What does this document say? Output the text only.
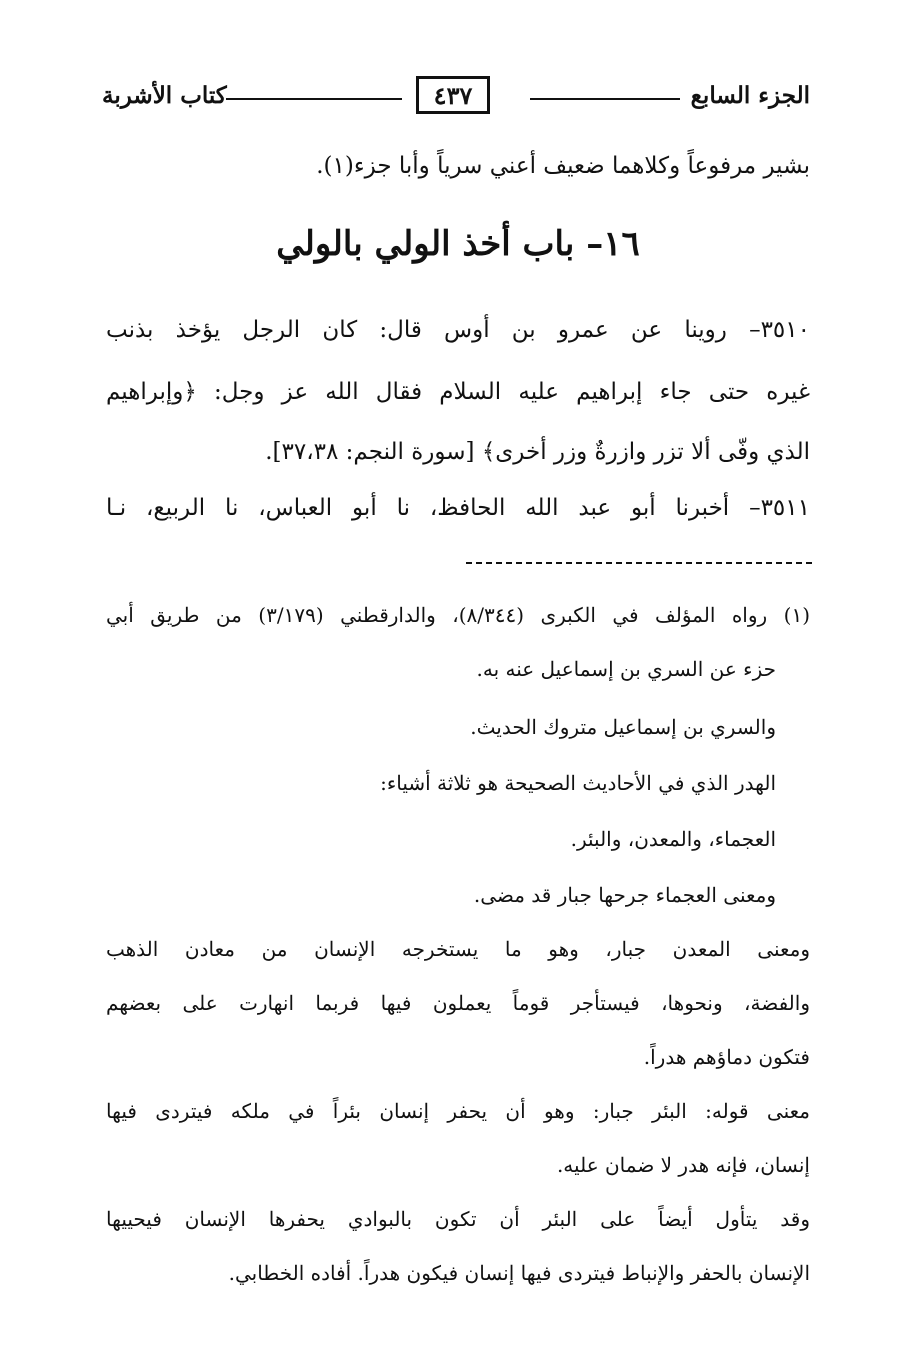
الجزء السابع
٤٣٧
كتاب الأشربة
بشير مرفوعاً وكلاهما ضعيف أعني سرياً وأبا جزء(١).
١٦– باب أخذ الولي بالولي
٣٥١٠– روينا عن عمرو بن أوس قال: كان الرجل يؤخذ بذنب
غيره حتى جاء إبراهيم عليه السلام فقال الله عز وجل: ﴿وإبراهيم
الذي وفّى ألا تزر وازرةٌ وزر أخرى﴾ [سورة النجم: ٣٧،٣٨].
٣٥١١– أخبرنا أبو عبد الله الحافظ، نا أبو العباس، نا الربيع، نـا
(١) رواه المؤلف في الكبرى (٨/٣٤٤)، والدارقطني (٣/١٧٩) من طريق أبي
حزء عن السري بن إسماعيل عنه به.
والسري بن إسماعيل متروك الحديث.
الهدر الذي في الأحاديث الصحيحة هو ثلاثة أشياء:
العجماء، والمعدن، والبئر.
ومعنى العجماء جرحها جبار قد مضى.
ومعنى المعدن جبار، وهو ما يستخرجه الإنسان من معادن الذهب
والفضة، ونحوها، فيستأجر قوماً يعملون فيها فربما انهارت على بعضهم
فتكون دماؤهم هدراً.
معنى قوله: البئر جبار: وهو أن يحفر إنسان بئراً في ملكه فيتردى فيها
إنسان، فإنه هدر لا ضمان عليه.
وقد يتأول أيضاً على البئر أن تكون بالبوادي يحفرها الإنسان فيحييها
الإنسان بالحفر والإنباط فيتردى فيها إنسان فيكون هدراً. أفاده الخطابي.
